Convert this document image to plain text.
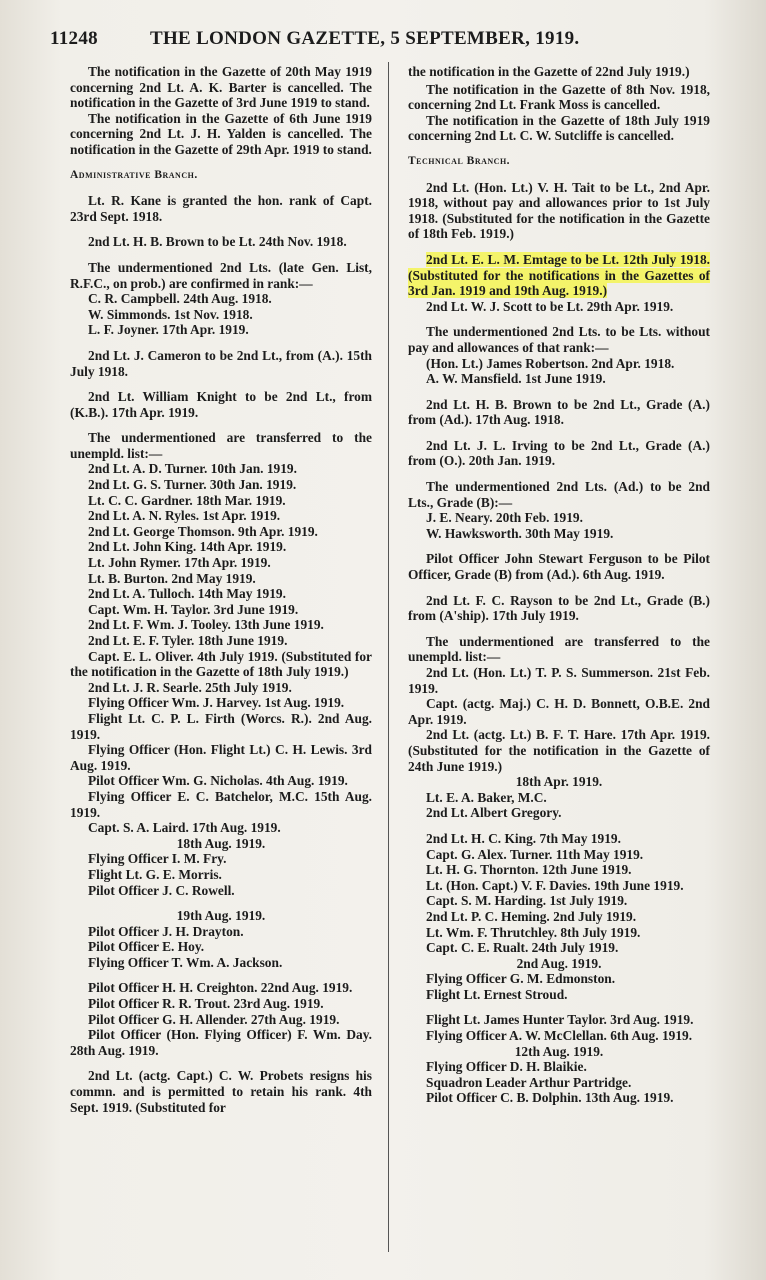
11248	THE LONDON GAZETTE, 5 SEPTEMBER, 1919.

The notification in the Gazette of 20th May 1919 concerning 2nd Lt. A. K. Barter is cancelled. The notification in the Gazette of 3rd June 1919 to stand.

The notification in the Gazette of 6th June 1919 concerning 2nd Lt. J. H. Yalden is cancelled. The notification in the Gazette of 29th Apr. 1919 to stand.

Administrative Branch.

Lt. R. Kane is granted the hon. rank of Capt. 23rd Sept. 1918.

2nd Lt. H. B. Brown to be Lt. 24th Nov. 1918.

The undermentioned 2nd Lts. (late Gen. List, R.F.C., on prob.) are confirmed in rank:—

C. R. Campbell. 24th Aug. 1918.

W. Simmonds. 1st Nov. 1918.

L. F. Joyner. 17th Apr. 1919.

2nd Lt. J. Cameron to be 2nd Lt., from (A.). 15th July 1918.

2nd Lt. William Knight to be 2nd Lt., from (K.B.). 17th Apr. 1919.

The undermentioned are transferred to the unempld. list:—

2nd Lt. A. D. Turner. 10th Jan. 1919.

2nd Lt. G. S. Turner. 30th Jan. 1919.

Lt. C. C. Gardner. 18th Mar. 1919.

2nd Lt. A. N. Ryles. 1st Apr. 1919.

2nd Lt. George Thomson. 9th Apr. 1919.

2nd Lt. John King. 14th Apr. 1919.

Lt. John Rymer. 17th Apr. 1919.

Lt. B. Burton. 2nd May 1919.

2nd Lt. A. Tulloch. 14th May 1919.

Capt. Wm. H. Taylor. 3rd June 1919.

2nd Lt. F. Wm. J. Tooley. 13th June 1919.

2nd Lt. E. F. Tyler. 18th June 1919.

Capt. E. L. Oliver. 4th July 1919. (Substituted for the notification in the Gazette of 18th July 1919.)

2nd Lt. J. R. Searle. 25th July 1919.

Flying Officer Wm. J. Harvey. 1st Aug. 1919.

Flight Lt. C. P. L. Firth (Worcs. R.). 2nd Aug. 1919.

Flying Officer (Hon. Flight Lt.) C. H. Lewis. 3rd Aug. 1919.

Pilot Officer Wm. G. Nicholas. 4th Aug. 1919.

Flying Officer E. C. Batchelor, M.C. 15th Aug. 1919.

Capt. S. A. Laird. 17th Aug. 1919.

18th Aug. 1919.

Flying Officer I. M. Fry.

Flight Lt. G. E. Morris.

Pilot Officer J. C. Rowell.

19th Aug. 1919.

Pilot Officer J. H. Drayton.

Pilot Officer E. Hoy.

Flying Officer T. Wm. A. Jackson.

Pilot Officer H. H. Creighton. 22nd Aug. 1919.

Pilot Officer R. R. Trout. 23rd Aug. 1919.

Pilot Officer G. H. Allender. 27th Aug. 1919.

Pilot Officer (Hon. Flying Officer) F. Wm. Day. 28th Aug. 1919.

2nd Lt. (actg. Capt.) C. W. Probets resigns his commn. and is permitted to retain his rank. 4th Sept. 1919. (Substituted for

the notification in the Gazette of 22nd July 1919.)

The notification in the Gazette of 8th Nov. 1918, concerning 2nd Lt. Frank Moss is cancelled.

The notification in the Gazette of 18th July 1919 concerning 2nd Lt. C. W. Sutcliffe is cancelled.

Technical Branch.

2nd Lt. (Hon. Lt.) V. H. Tait to be Lt., 2nd Apr. 1918, without pay and allowances prior to 1st July 1918. (Substituted for the notification in the Gazette of 18th Feb. 1919.)

2nd Lt. E. L. M. Emtage to be Lt. 12th July 1918. (Substituted for the notifications in the Gazettes of 3rd Jan. 1919 and 19th Aug. 1919.)

2nd Lt. W. J. Scott to be Lt. 29th Apr. 1919.

The undermentioned 2nd Lts. to be Lts. without pay and allowances of that rank:—

(Hon. Lt.) James Robertson. 2nd Apr. 1918.

A. W. Mansfield. 1st June 1919.

2nd Lt. H. B. Brown to be 2nd Lt., Grade (A.) from (Ad.). 17th Aug. 1918.

2nd Lt. J. L. Irving to be 2nd Lt., Grade (A.) from (O.). 20th Jan. 1919.

The undermentioned 2nd Lts. (Ad.) to be 2nd Lts., Grade (B):—

J. E. Neary. 20th Feb. 1919.

W. Hawksworth. 30th May 1919.

Pilot Officer John Stewart Ferguson to be Pilot Officer, Grade (B) from (Ad.). 6th Aug. 1919.

2nd Lt. F. C. Rayson to be 2nd Lt., Grade (B.) from (A'ship). 17th July 1919.

The undermentioned are transferred to the unempld. list:—

2nd Lt. (Hon. Lt.) T. P. S. Summerson. 21st Feb. 1919.

Capt. (actg. Maj.) C. H. D. Bonnett, O.B.E. 2nd Apr. 1919.

2nd Lt. (actg. Lt.) B. F. T. Hare. 17th Apr. 1919. (Substituted for the notification in the Gazette of 24th June 1919.)

18th Apr. 1919.

Lt. E. A. Baker, M.C.

2nd Lt. Albert Gregory.

2nd Lt. H. C. King. 7th May 1919.

Capt. G. Alex. Turner. 11th May 1919.

Lt. H. G. Thornton. 12th June 1919.

Lt. (Hon. Capt.) V. F. Davies. 19th June 1919.

Capt. S. M. Harding. 1st July 1919.

2nd Lt. P. C. Heming. 2nd July 1919.

Lt. Wm. F. Thrutchley. 8th July 1919.

Capt. C. E. Rualt. 24th July 1919.

2nd Aug. 1919.

Flying Officer G. M. Edmonston.

Flight Lt. Ernest Stroud.

Flight Lt. James Hunter Taylor. 3rd Aug. 1919.

Flying Officer A. W. McClellan. 6th Aug. 1919.

12th Aug. 1919.

Flying Officer D. H. Blaikie.

Squadron Leader Arthur Partridge.

Pilot Officer C. B. Dolphin. 13th Aug. 1919.
